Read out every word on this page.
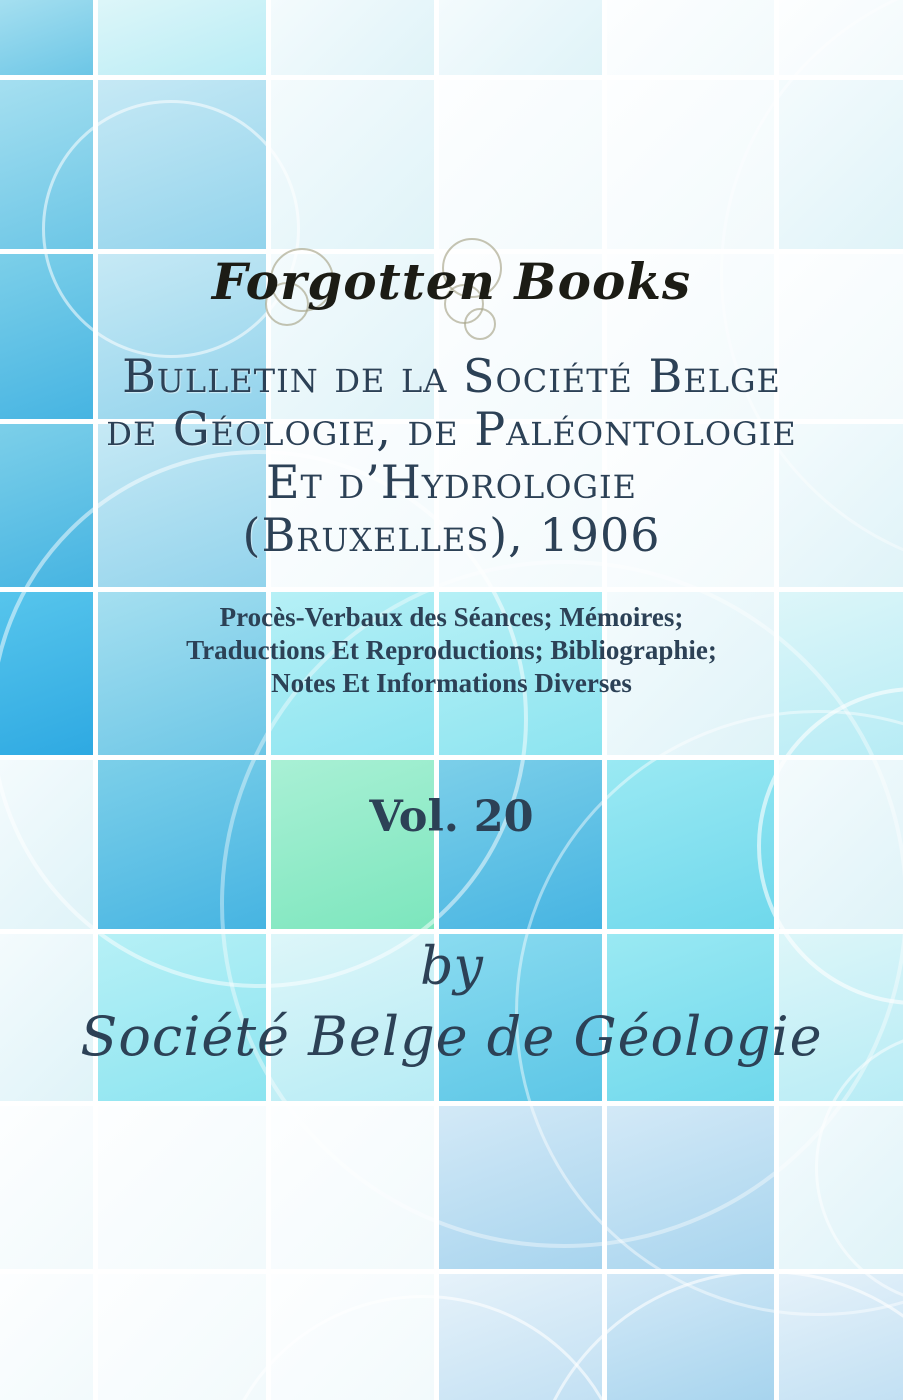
Forgotten Books
Bulletin de la Société Belge
de Géologie, de Paléontologie
Et d’Hydrologie
(Bruxelles), 1906
Procès-Verbaux des Séances; Mémoires;
Traductions Et Reproductions; Bibliographie;
Notes Et Informations Diverses
Vol. 20
by
Société Belge de Géologie
